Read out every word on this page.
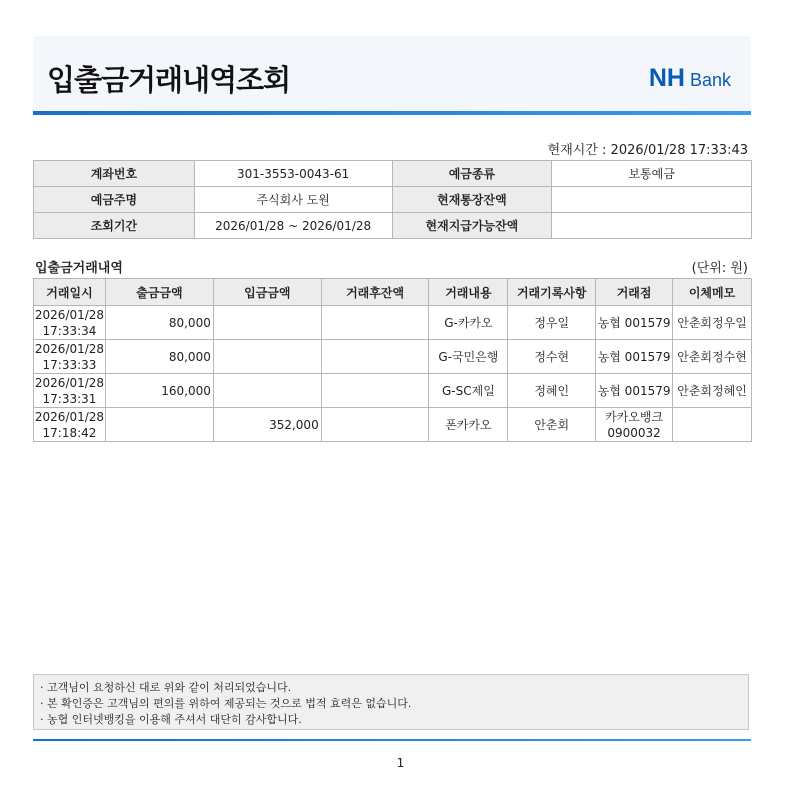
입출금거래내역조회	NH Bank
현재시간 : 2026/01/28 17:33:43
계좌번호	301-3553-0043-61	예금종류	보통예금
예금주명	주식회사 도원	현재통장잔액	
조회기간	2026/01/28 ~ 2026/01/28	현재지급가능잔액	
입출금거래내역	(단위: 원)
거래일시	출금금액	입금금액	거래후잔액	거래내용	거래기록사항	거래점	이체메모
2026/01/28
17:33:34	80,000			G-카카오	정우일	농협 001579	안춘회정우일
2026/01/28
17:33:33	80,000			G-국민은행	정수현	농협 001579	안춘회정수현
2026/01/28
17:33:31	160,000			G-SC제일	정혜인	농협 001579	안춘회정혜인
2026/01/28
17:18:42		352,000		폰카카오	안춘회	카카오뱅크
0900032	
· 고객님이 요청하신 대로 위와 같이 처리되었습니다.
· 본 확인증은 고객님의 편의를 위하여 제공되는 것으로 법적 효력은 없습니다.
· 농협 인터넷뱅킹을 이용해 주셔서 대단히 감사합니다.
1
